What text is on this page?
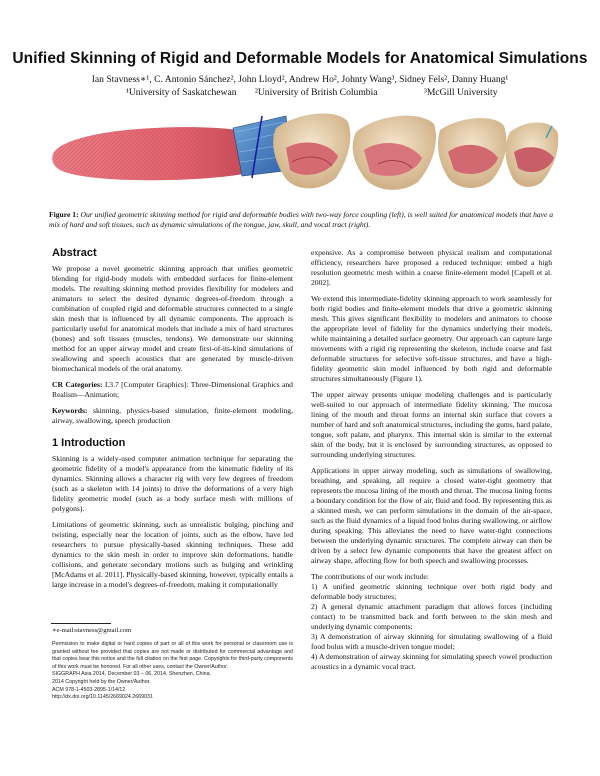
Unified Skinning of Rigid and Deformable Models for Anatomical Simulations
Ian Stavness∗¹, C. Antonio Sánchez², John Lloyd², Andrew Ho², Johnty Wang³, Sidney Fels², Danny Huang¹
¹University of Saskatchewan ²University of British Columbia	³McGill University
Figure 1: Our unified geometric skinning method for rigid and deformable bodies with two-way force coupling (left), is well suited for anatomical models that have a mix of hard and soft tissues, such as dynamic simulations of the tongue, jaw, skull, and vocal tract (right).
Abstract

We propose a novel geometric skinning approach that unifies geometric blending for rigid-body models with embedded surfaces for finite-element models. The resulting skinning method provides flexibility for modelers and animators to select the desired dynamic degrees-of-freedom through a combination of coupled rigid and deformable structures connected to a single skin mesh that is influenced by all dynamic components. The approach is particularly useful for anatomical models that include a mix of hard structures (bones) and soft tissues (muscles, tendons). We demonstrate our skinning method for an upper airway model and create first-of-its-kind simulations of swallowing and speech acoustics that are generated by muscle-driven biomechanical models of the oral anatomy.

CR Categories: I.3.7 [Computer Graphics]: Three-Dimensional Graphics and Realism—Animation;

Keywords: skinning, physics-based simulation, finite-element modeling, airway, swallowing, speech production

1 Introduction

Skinning is a widely-used computer animation technique for separating the geometric fidelity of a model's appearance from the kinematic fidelity of its dynamics. Skinning allows a character rig with very few degrees of freedom (such as a skeleton with 14 joints) to drive the deformations of a very high fidelity geometric model (such as a body surface mesh with millions of polygons).

Limitations of geometric skinning, such as unrealistic bulging, pinching and twisting, especially near the location of joints, such as the elbow, have led researchers to pursue physically-based skinning techniques. These add dynamics to the skin mesh in order to improve skin deformations, handle collisions, and generate secondary motions such as bulging and wrinkling [McAdams et al. 2011]. Physically-based skinning, however, typically entails a large increase in a model's degrees-of-freedom, making it computationally

∗e-mail:stavness@gmail.com

Permission to make digital or hard copies of part or all of this work for personal or classroom use is granted without fee provided that copies are not made or distributed for commercial advantage and that copies bear this notice and the full citation on the first page. Copyrights for third-party components of this work must be honored. For all other uses, contact the Owner/Author.

SIGGRAPH Asia 2014, December 03 – 06, 2014, Shenzhen, China.

2014 Copyright held by the Owner/Author.

ACM 978-1-4503-2895-1/14/12

http://dx.doi.org/10.1145/2669024.2669031

expensive. As a compromise between physical realism and computational efficiency, researchers have proposed a reduced technique: embed a high resolution geometric mesh within a coarse finite-element model [Capell et al. 2002].

We extend this intermediate-fidelity skinning approach to work seamlessly for both rigid bodies and finite-element models that drive a geometric skinning mesh. This gives significant flexibility to modelers and animators to choose the appropriate level of fidelity for the dynamics underlying their models, while maintaining a detailed surface geometry. Our approach can capture large movements with a rigid rig representing the skeleton, include coarse and fast deformable structures for selective soft-tissue structures, and have a high-fidelity geometric skin model influenced by both rigid and deformable structures simultaneously (Figure 1).

The upper airway presents unique modeling challenges and is particularly well-suited to our approach of intermediate fidelity skinning. The mucosa lining of the mouth and throat forms an internal skin surface that covers a number of hard and soft anatomical structures, including the gums, hard palate, tongue, soft palate, and pharynx. This internal skin is similar to the external skin of the body, but it is enclosed by surrounding structures, as opposed to surrounding underlying structures.

Applications in upper airway modeling, such as simulations of swallowing, breathing, and speaking, all require a closed water-tight geometry that represents the mucosa lining of the mouth and throat. The mucosa lining forms a boundary condition for the flow of air, fluid and food. By representing this as a skinned mesh, we can perform simulations in the domain of the air-space, such as the fluid dynamics of a liquid food bolus during swallowing, or airflow during speaking. This alleviates the need to have water-tight connections between the underlying dynamic structures. The complete airway can then be driven by a select few dynamic components that have the greatest affect on airway shape, affecting flow for both speech and swallowing processes.

The contributions of our work include:

1) A unified geometric skinning technique over both rigid body and deformable body structures;

2) A general dynamic attachment paradigm that allows forces (including contact) to be transmitted back and forth between to the skin mesh and underlying dynamic components;

3) A demonstration of airway skinning for simulating swallowing of a fluid food bolus with a muscle-driven tongue model;

4) A demonstration of airway skinning for simulating speech vowel production acoustics in a dynamic vocal tract.
